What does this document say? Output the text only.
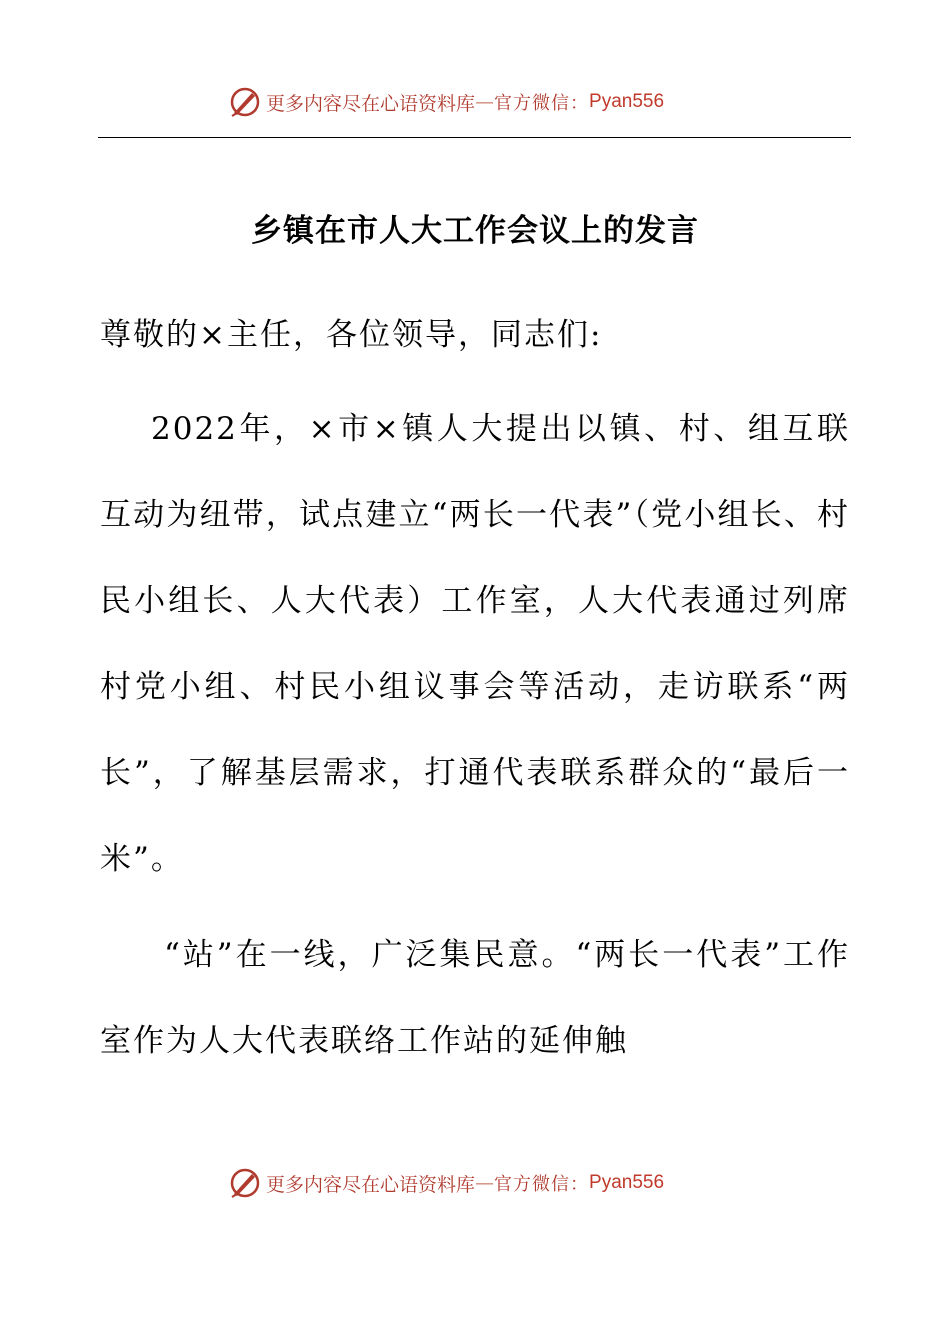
更多内容尽在心语资料库 — 官方微信： Pyan556
乡镇在市人大工作会议上的发言
尊敬的×主任，各位领导，同志们:
2022年，×市×镇人大提出以镇、村、组互联互动为纽带，试点建立“两长一代表”（党小组长、村民小组长、人大代表）工作室，人大代表通过列席村党小组、村民小组议事会等活动，走访联系“两长”，了解基层需求，打通代表联系群众的“最后一米”。
“站”在一线，广泛集民意。“两长一代表”工作室作为人大代表联络工作站的延伸触
更多内容尽在心语资料库 — 官方微信： Pyan556
